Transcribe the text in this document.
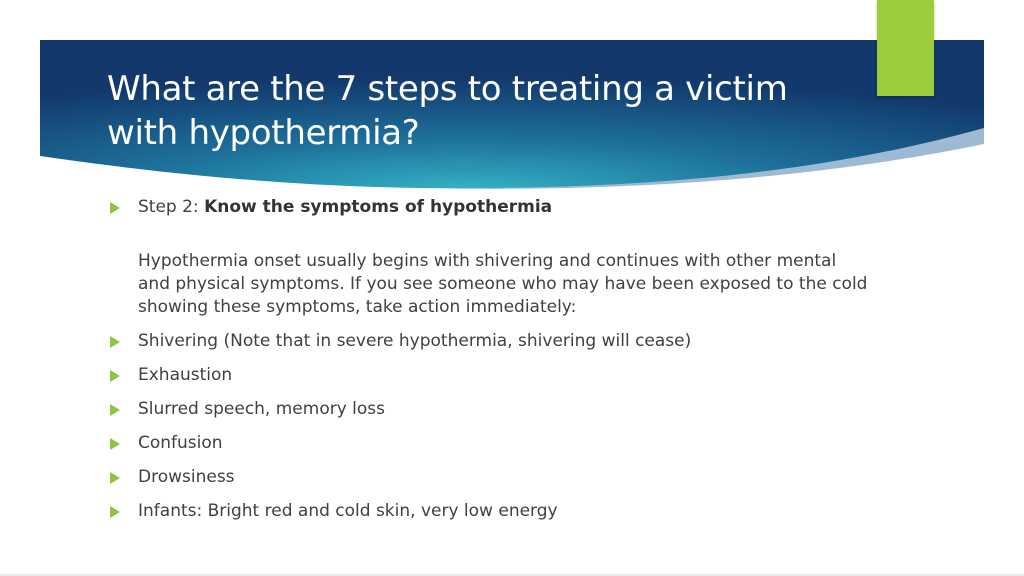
What are the 7 steps to treating a victim with hypothermia?
Step 2: Know the symptoms of hypothermia
Hypothermia onset usually begins with shivering and continues with other mental and physical symptoms. If you see someone who may have been exposed to the cold showing these symptoms, take action immediately:
Shivering (Note that in severe hypothermia, shivering will cease)
Exhaustion
Slurred speech, memory loss
Confusion
Drowsiness
Infants: Bright red and cold skin, very low energy
